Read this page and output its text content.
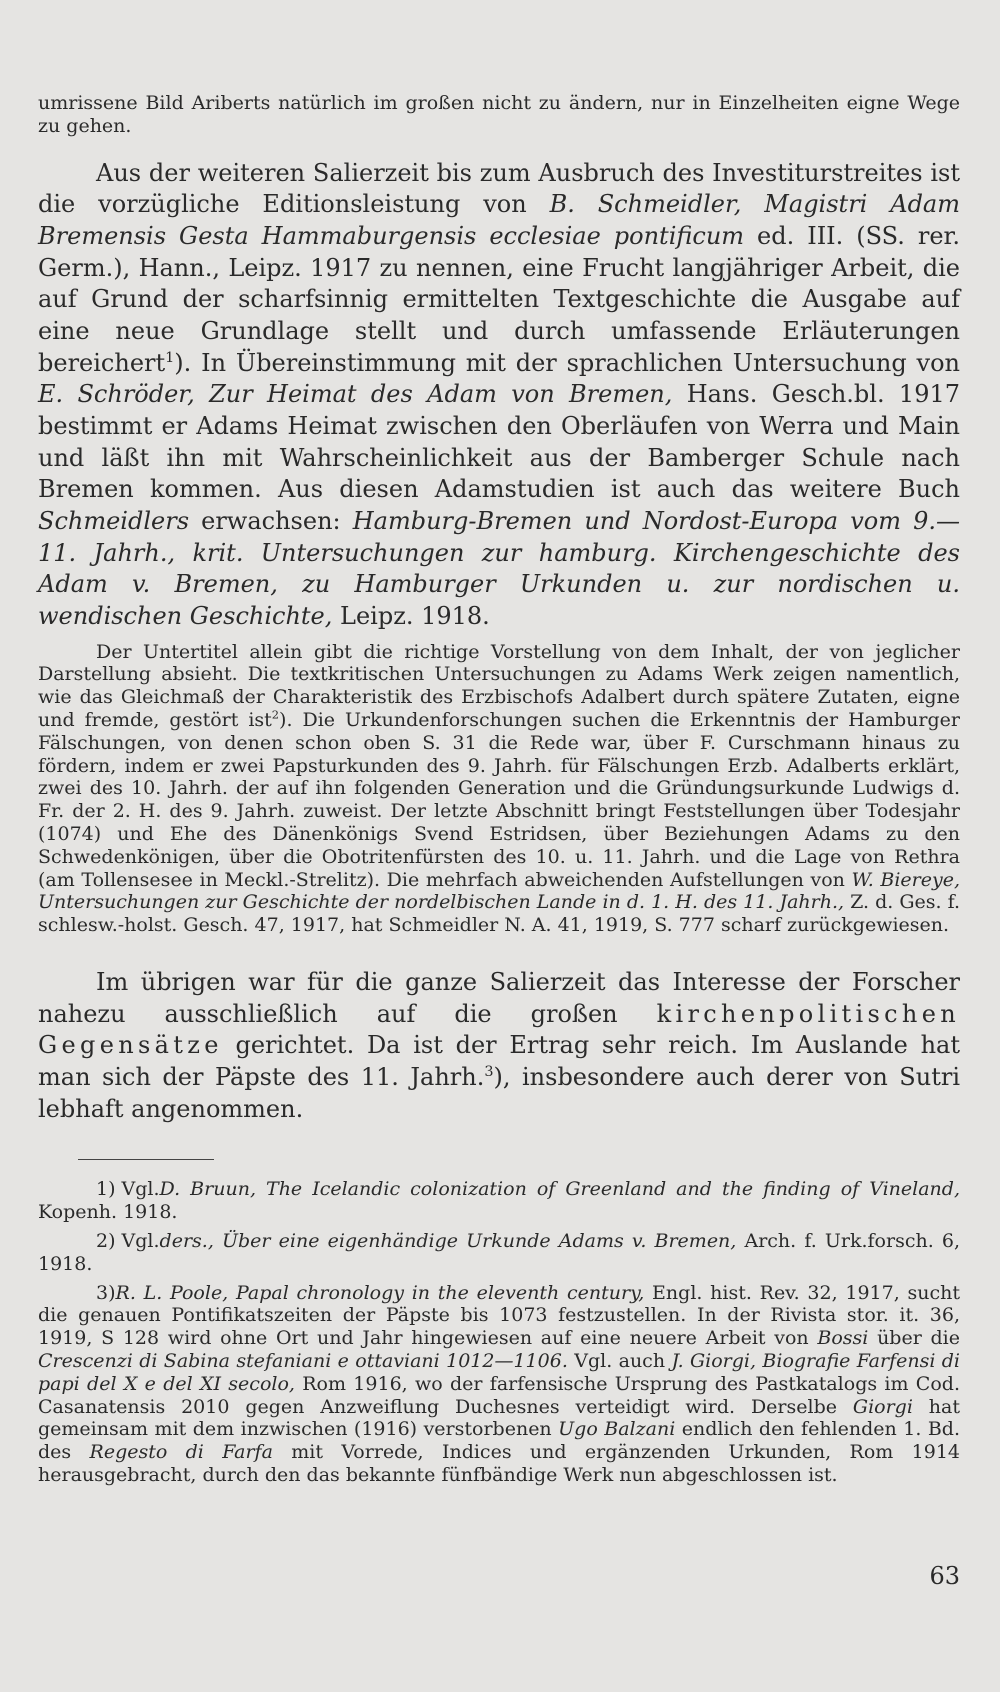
umrissene Bild Ariberts natürlich im großen nicht zu ändern, nur in Einzelheiten eigne Wege zu gehen.

Aus der weiteren Salierzeit bis zum Ausbruch des Investiturstreites ist die vorzügliche Editionsleistung von B. Schmeidler, Magistri Adam Bremensis Gesta Hammaburgensis ecclesiae pontificum ed. III. (SS. rer. Germ.), Hann., Leipz. 1917 zu nennen, eine Frucht langjähriger Arbeit, die auf Grund der scharfsinnig ermittelten Textgeschichte die Ausgabe auf eine neue Grundlage stellt und durch umfassende Erläuterungen bereichert$^1$). In Übereinstimmung mit der sprachlichen Untersuchung von E. Schröder, Zur Heimat des Adam von Bremen, Hans. Gesch.bl. 1917 bestimmt er Adams Heimat zwischen den Oberläufen von Werra und Main und läßt ihn mit Wahrscheinlichkeit aus der Bamberger Schule nach Bremen kommen. Aus diesen Adamstudien ist auch das weitere Buch Schmeidlers erwachsen: Hamburg-Bremen und Nordost-Europa vom 9.—11. Jahrh., krit. Untersuchungen zur hamburg. Kirchengeschichte des Adam v. Bremen, zu Hamburger Urkunden u. zur nordischen u. wendischen Geschichte, Leipz. 1918.

Der Untertitel allein gibt die richtige Vorstellung von dem Inhalt, der von jeglicher Darstellung absieht. Die textkritischen Untersuchungen zu Adams Werk zeigen namentlich, wie das Gleichmaß der Charakteristik des Erzbischofs Adalbert durch spätere Zutaten, eigne und fremde, gestört ist$^2$). Die Urkundenforschungen suchen die Erkenntnis der Hamburger Fälschungen, von denen schon oben S. 31 die Rede war, über F. Curschmann hinaus zu fördern, indem er zwei Papsturkunden des 9. Jahrh. für Fälschungen Erzb. Adalberts erklärt, zwei des 10. Jahrh. der auf ihn folgenden Generation und die Gründungsurkunde Ludwigs d. Fr. der 2. H. des 9. Jahrh. zuweist. Der letzte Abschnitt bringt Feststellungen über Todesjahr (1074) und Ehe des Dänenkönigs Svend Estridsen, über Beziehungen Adams zu den Schwedenkönigen, über die Obotritenfürsten des 10. u. 11. Jahrh. und die Lage von Rethra (am Tollensesee in Meckl.-Strelitz). Die mehrfach abweichenden Aufstellungen von W. Biereye, Untersuchungen zur Geschichte der nordelbischen Lande in d. 1. H. des 11. Jahrh., Z. d. Ges. f. schlesw.-holst. Gesch. 47, 1917, hat Schmeidler N. A. 41, 1919, S. 777 scharf zurückgewiesen.

Im übrigen war für die ganze Salierzeit das Interesse der Forscher nahezu ausschließlich auf die großen kirchenpolitischen Gegensätze gerichtet. Da ist der Ertrag sehr reich. Im Auslande hat man sich der Päpste des 11. Jahrh.$^3$), insbesondere auch derer von Sutri lebhaft angenommen.

1) Vgl.D. Bruun, The Icelandic colonization of Greenland and the finding of Vineland, Kopenh. 1918.

2) Vgl.ders., Über eine eigenhändige Urkunde Adams v. Bremen, Arch. f. Urk.forsch. 6, 1918.

3)R. L. Poole, Papal chronology in the eleventh century, Engl. hist. Rev. 32, 1917, sucht die genauen Pontifikatszeiten der Päpste bis 1073 festzustellen. In der Rivista stor. it. 36, 1919, S 128 wird ohne Ort und Jahr hingewiesen auf eine neuere Arbeit von Bossi über die Crescenzi di Sabina stefaniani e ottaviani 1012—1106. Vgl. auch J. Giorgi, Biografie Farfensi di papi del X e del XI secolo, Rom 1916, wo der farfensische Ursprung des Pastkatalogs im Cod. Casanatensis 2010 gegen Anzweiflung Duchesnes verteidigt wird. Derselbe Giorgi hat gemeinsam mit dem inzwischen (1916) verstorbenen Ugo Balzani endlich den fehlenden 1. Bd. des Regesto di Farfa mit Vorrede, Indices und ergänzenden Urkunden, Rom 1914 herausgebracht, durch den das bekannte fünfbändige Werk nun abgeschlossen ist.

63
